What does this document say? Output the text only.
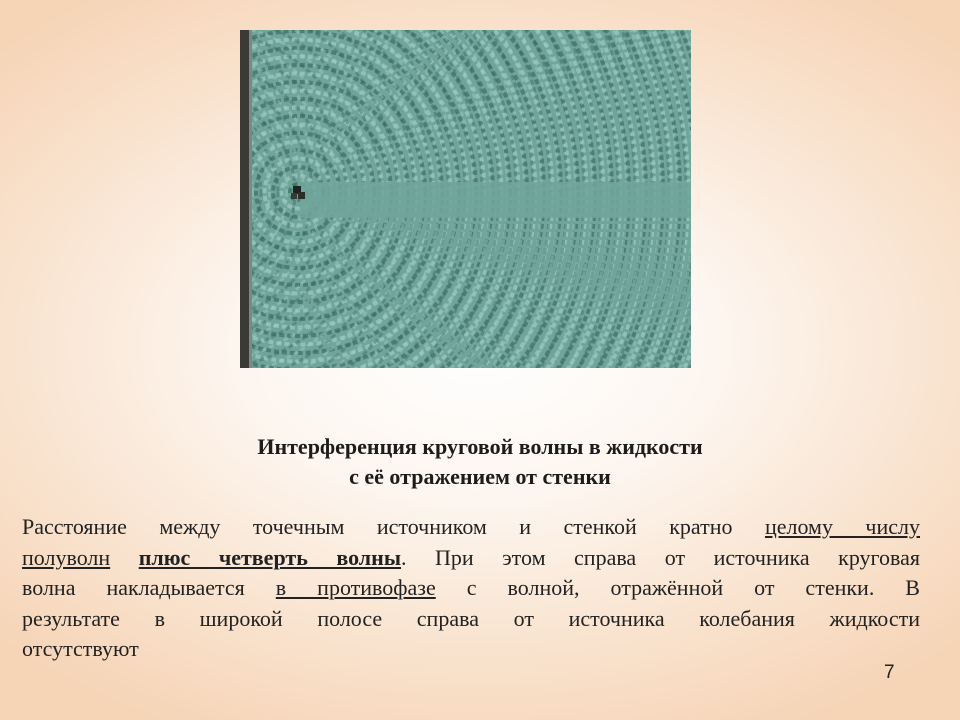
Интерференция круговой волны в жидкости
с её отражением от стенки
Расстояние между точечным источником и стенкой кратно целому числу
полуволн плюс четверть волны. При этом справа от источника круговая
волна накладывается в противофазе с волной, отражённой от стенки. В
результате в широкой полосе справа от источника колебания жидкости
отсутствуют
7
